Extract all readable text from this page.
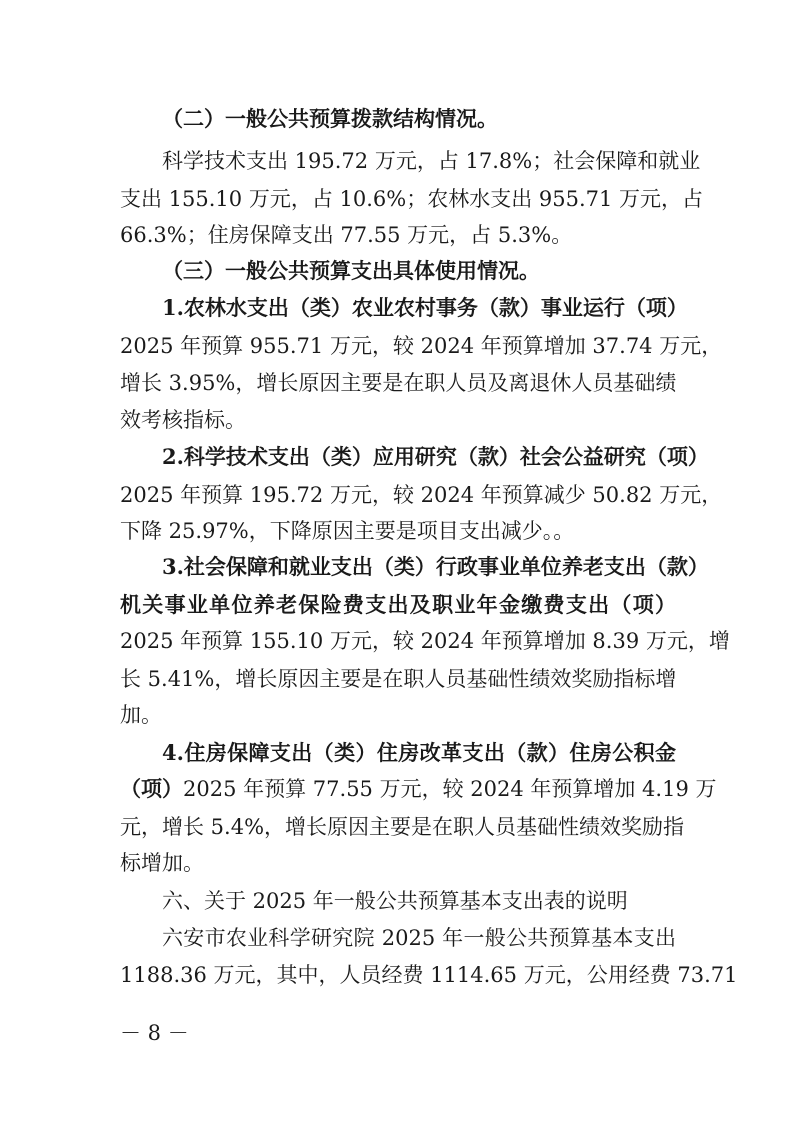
（二）一般公共预算拨款结构情况。
科学技术支出 195.72 万元，占 17.8%；社会保障和就业
支出 155.10 万元，占 10.6%；农林水支出 955.71 万元，占
66.3%；住房保障支出 77.55 万元，占 5.3%。
（三）一般公共预算支出具体使用情况。
1.农林水支出（类）农业农村事务（款）事业运行（项）
2025 年预算 955.71 万元，较 2024 年预算增加 37.74 万元，
增长 3.95%，增长原因主要是在职人员及离退休人员基础绩
效考核指标。
2.科学技术支出（类）应用研究（款）社会公益研究（项）
2025 年预算 195.72 万元，较 2024 年预算减少 50.82 万元，
下降 25.97%，下降原因主要是项目支出减少。。
3.社会保障和就业支出（类）行政事业单位养老支出（款）
机关事业单位养老保险费支出及职业年金缴费支出（项）
2025 年预算 155.10 万元，较 2024 年预算增加 8.39 万元，增
长 5.41%，增长原因主要是在职人员基础性绩效奖励指标增
加。
4.住房保障支出（类）住房改革支出（款）住房公积金
（项） 2025 年预算 77.55 万元，较 2024 年预算增加 4.19 万
元，增长 5.4%，增长原因主要是在职人员基础性绩效奖励指
标增加。
六、关于 2025 年一般公共预算基本支出表的说明
六安市农业科学研究院 2025 年一般公共预算基本支出
1188.36 万元，其中，人员经费 1114.65 万元，公用经费 73.71
－ 8 －
